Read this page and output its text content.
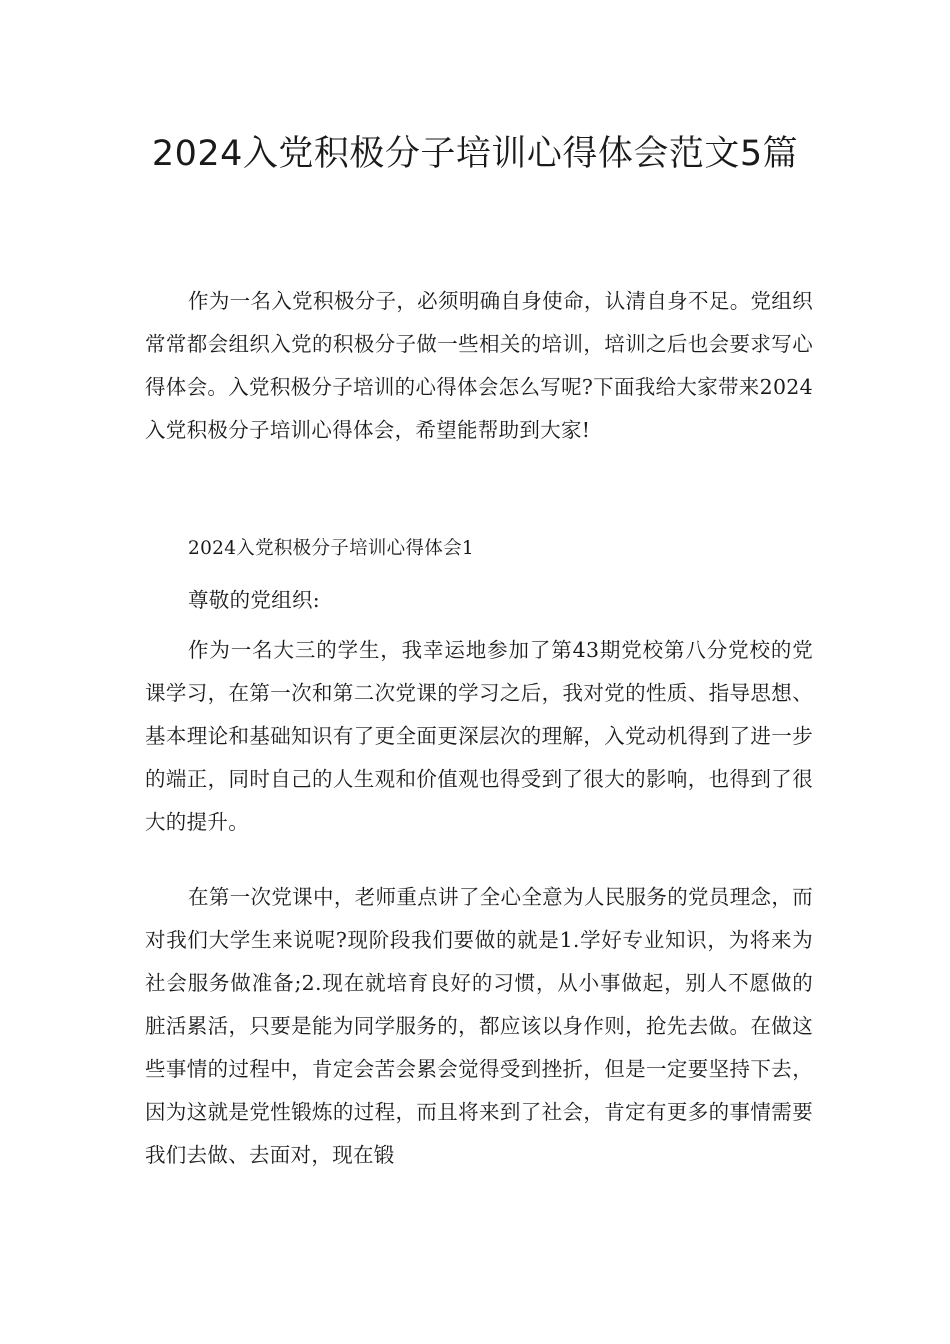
2024入党积极分子培训心得体会范文5篇

作为一名入党积极分子，必须明确自身使命，认清自身不足。党组织常常都会组织入党的积极分子做一些相关的培训，培训之后也会要求写心得体会。入党积极分子培训的心得体会怎么写呢?下面我给大家带来2024入党积极分子培训心得体会，希望能帮助到大家!

2024入党积极分子培训心得体会1

尊敬的党组织:

作为一名大三的学生，我幸运地参加了第43期党校第八分党校的党课学习，在第一次和第二次党课的学习之后，我对党的性质、指导思想、基本理论和基础知识有了更全面更深层次的理解，入党动机得到了进一步的端正，同时自己的人生观和价值观也得受到了很大的影响，也得到了很大的提升。

在第一次党课中，老师重点讲了全心全意为人民服务的党员理念，而对我们大学生来说呢?现阶段我们要做的就是1.学好专业知识，为将来为社会服务做准备;2.现在就培育良好的习惯，从小事做起，别人不愿做的脏活累活，只要是能为同学服务的，都应该以身作则，抢先去做。在做这些事情的过程中，肯定会苦会累会觉得受到挫折，但是一定要坚持下去，因为这就是党性锻炼的过程，而且将来到了社会，肯定有更多的事情需要我们去做、去面对，现在锻
